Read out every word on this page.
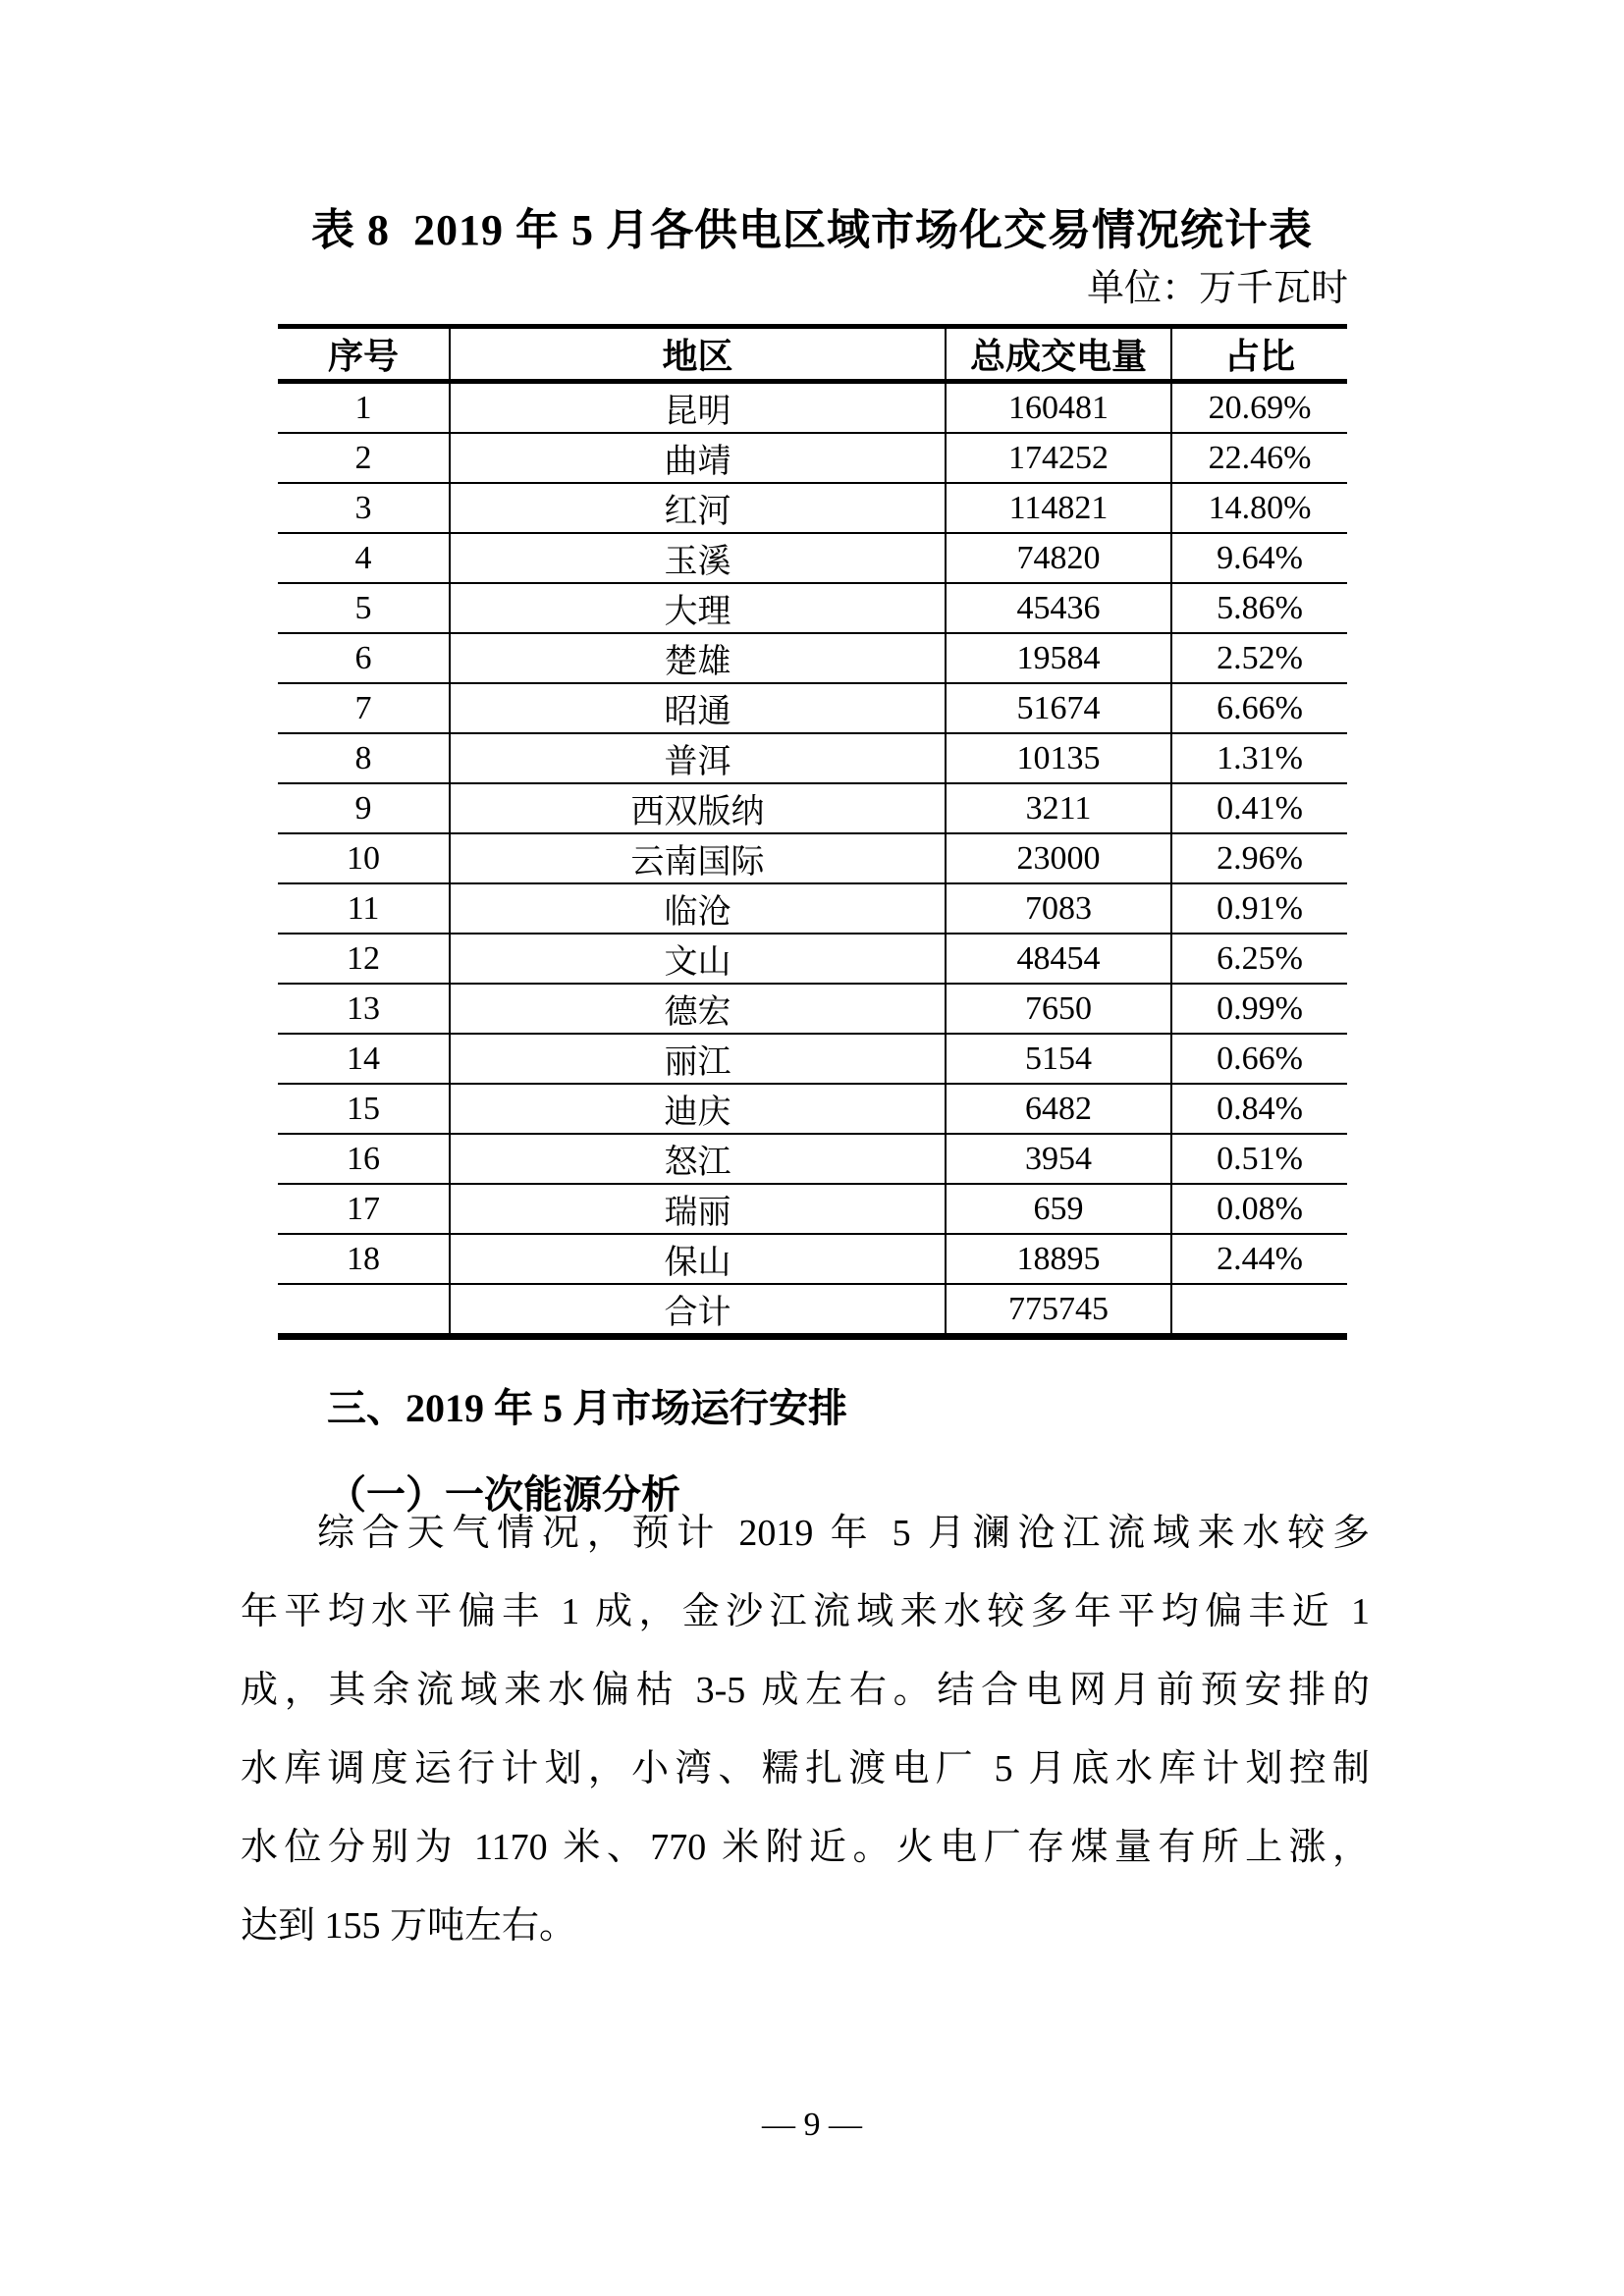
表 8  2019 年 5 月各供电区域市场化交易情况统计表
单位：万千瓦时
序号	地区	总成交电量	占比
1	昆明	160481	20.69%
2	曲靖	174252	22.46%
3	红河	114821	14.80%
4	玉溪	74820	9.64%
5	大理	45436	5.86%
6	楚雄	19584	2.52%
7	昭通	51674	6.66%
8	普洱	10135	1.31%
9	西双版纳	3211	0.41%
10	云南国际	23000	2.96%
11	临沧	7083	0.91%
12	文山	48454	6.25%
13	德宏	7650	0.99%
14	丽江	5154	0.66%
15	迪庆	6482	0.84%
16	怒江	3954	0.51%
17	瑞丽	659	0.08%
18	保山	18895	2.44%
	合计	775745	
三、2019 年 5 月市场运行安排
（一）一次能源分析
综合天气情况，预计 2019 年 5 月澜沧江流域来水较多
年平均水平偏丰 1 成，金沙江流域来水较多年平均偏丰近 1
成，其余流域来水偏枯 3-5 成左右。结合电网月前预安排的
水库调度运行计划，小湾、糯扎渡电厂 5 月底水库计划控制
水位分别为 1170 米、770 米附近。火电厂存煤量有所上涨，
达到 155 万吨左右。
— 9 —
